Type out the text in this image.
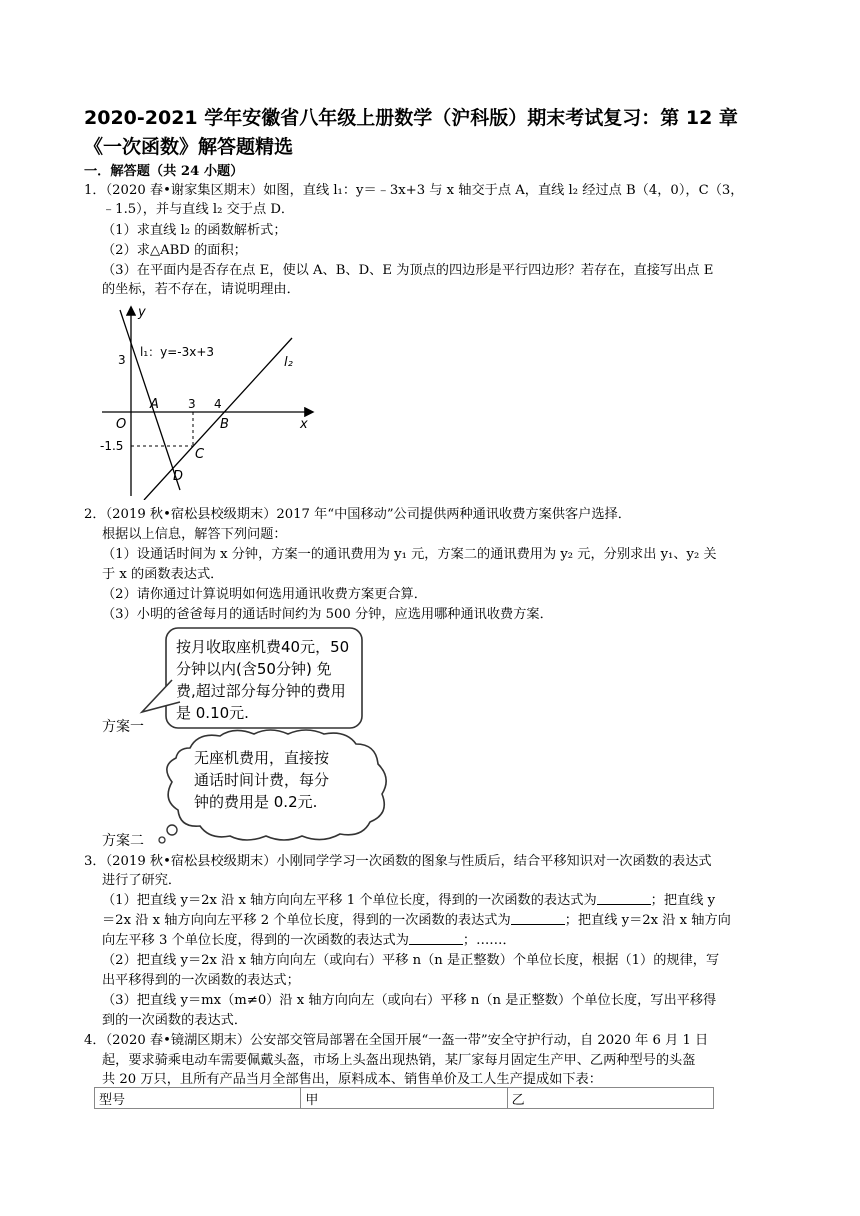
2020-2021 学年安徽省八年级上册数学（沪科版）期末考试复习：第 12 章

《一次函数》解答题精选
一．解答题（共 24 小题）
1．（2020 春•谢家集区期末）如图，直线 l₁：y＝﹣3x+3 与 x 轴交于点 A，直线 l₂ 经过点 B（4，0），C（3，
﹣1.5），并与直线 l₂ 交于点 D．
（1）求直线 l₂ 的函数解析式；
（2）求△ABD 的面积；
（3）在平面内是否存在点 E，使以 A、B、D、E 为顶点的四边形是平行四边形？若存在，直接写出点 E
的坐标，若不存在，请说明理由．
y
x
O
3
l₁：y=-3x+3
l₂
3 4
-1.5
A
B
C
D
2．（2019 秋•宿松县校级期末）2017 年“中国移动”公司提供两种通讯收费方案供客户选择．
根据以上信息，解答下列问题：
（1）设通话时间为 x 分钟，方案一的通讯费用为 y₁ 元，方案二的通讯费用为 y₂ 元，分别求出 y₁、y₂ 关
于 x 的函数表达式．
（2）请你通过计算说明如何选用通讯收费方案更合算．
（3）小明的爸爸每月的通话时间约为 500 分钟，应选用哪种通讯收费方案．
按月收取座机费40元，50
分钟以内(含50分钟) 免
费,超过部分每分钟的费用
是 0.10元.
方案一
无座机费用，直接按
通话时间计费，每分
钟的费用是 0.2元.
方案二
3．（2019 秋•宿松县校级期末）小刚同学学习一次函数的图象与性质后，结合平移知识对一次函数的表达式
进行了研究．
（1）把直线 y＝2x 沿 x 轴方向向左平移 1 个单位长度，得到的一次函数的表达式为	；把直线 y
＝2x 沿 x 轴方向向左平移 2 个单位长度，得到的一次函数的表达式为	；把直线 y＝2x 沿 x 轴方向
向左平移 3 个单位长度，得到的一次函数的表达式为	；……．
（2）把直线 y＝2x 沿 x 轴方向向左（或向右）平移 n（n 是正整数）个单位长度，根据（1）的规律，写
出平移得到的一次函数的表达式；
（3）把直线 y＝mx（m≠0）沿 x 轴方向向左（或向右）平移 n（n 是正整数）个单位长度，写出平移得
到的一次函数的表达式．
4．（2020 春•镜湖区期末）公安部交管局部署在全国开展“一盔一带”安全守护行动，自 2020 年 6 月 1 日
起，要求骑乘电动车需要佩戴头盔，市场上头盔出现热销，某厂家每月固定生产甲、乙两种型号的头盔
共 20 万只，且所有产品当月全部售出，原料成本、销售单价及工人生产提成如下表：
型号	甲	乙
